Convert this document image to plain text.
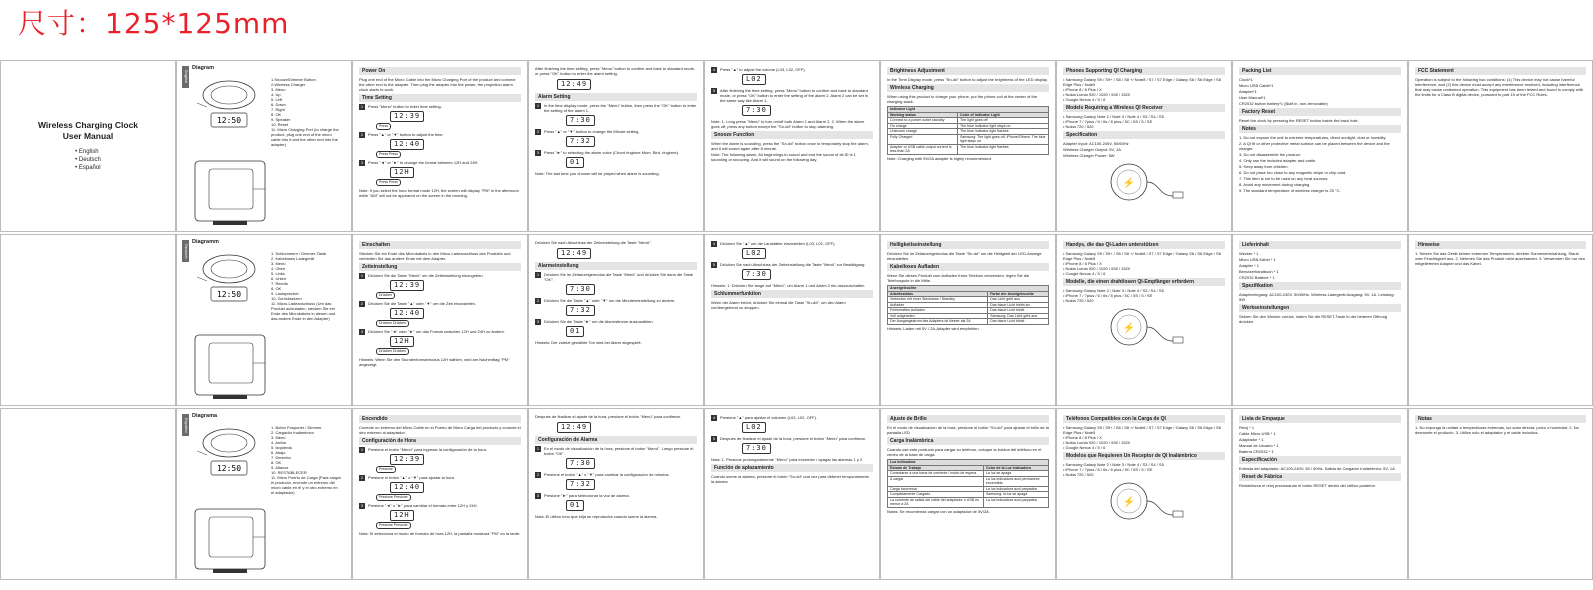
尺寸：125*125mm
Wireless Charging Clock
User Manual
• English
• Deutsch
• Español
English
Diagram
12:50
1.Snooze/Dimmer Button
2.Wireless Charger
3. Menu
4. Up
5. Left
6. Down
7. Right
8. OK
9. Speaker
10. Reset
11. Micro Charging Port (to charge the product, plug one end of the micro cable into it and the other end into the adapter)
Power On
Plug one end of the Micro Cable into the Micro Charging Port of the product and connect the other end to the adapter. Then plug the adapter into the power, the projection alarm clock starts to work.
Time Setting
1	Press "Menu" button to enter time setting.
12:39
Press
2	Press "▲" or "▼" button to adjust the time.
12:40
Press Press
3	Press "◄" or "►" to change the format between 12H and 24H.
12H
Press Press
Note: If you select the hour format mode 12H, the screen will display "PM" in the afternoon while "AM" will not be appeared on the screen in the morning.
After finishing the time setting, press "Menu" button to confirm and back to standard mode, or press "OK" button to enter the alarm setting.
12:49
Alarm Setting
1	In the time display mode, press the "Menu" button, then press the "OK" button to enter the setting of the alarm 1.
7:30
2	Press "▲" or "▼" button to change the Minute setting.
7:32
3	Press "►" to selecting the alarm voice (Chord ringtone Mum, Bird, ringtone).
01
Note: The last tone you choose will be played when alarm is sounding.
4	Press "▲" to adjust the volume (L03, L02, OFF).
L02
5	After finishing the time setting, press "Menu" button to confirm and back to standard mode, or press "OK" button to enter the setting of the alarm 2. Alarm 2 can be set in the same way like Alarm 1.
7:30
Note: 1. Long press "Menu" to turn on/off both Alarm 1 and Alarm 2. 2. When the alarm goes off, press any button except the "Sn-dd" button to stop alarming.
Snooze Function
When the alarm is sounding, press the "Sn-dd" button once to temporarily stop the alarm, and it will sound again after 8 minute.
Note: The following alarm. All beginnings to sound and end the sound of all ID is 1 sounding or snoozing. And it will sound on the following day.
Brightness Adjustment
In the Time Display mode, press "Sn-dd" button to adjust the brightness of the LED display.
Wireless Charging
When using this product to charge your phone, put the phone coil at the center of the charging stack.
Indicator Light	
Working status	Color of Indicator Light
Connect to a power outlet standby	The light goes off
On charge	The blue indicator light stays on
Unknown charge	The blue indicator light flashes
Fully Charged	Samsung: The light goes off. iPhone/Others: The blue light stays on
Adapter or USB cable output current is less than 2A	The blue indicator light flashes
Note: Charging with 5V/2A adapter is highly recommended.
Phones Supporting QI Charging
• Samsung Galaxy S9 / S9+ / S8 / S8 +/ Note8 / S7 / S7 Edge / Galaxy S6 / S6 Edge / S6 Edge Plus / Note5
• iPhone 8 / 8 Plus / X
• Nokia Lumia 920 / 1020 / 928 / 1520
• Google Nexus 4 / 5 / 6
Models Requiring a Wireless QI Receiver
• Samsung Galaxy Note 2 / Note 3 / Note 4 / S3 / S4 / S5
• iPhone 7 / 7plus / 6 / 6s / 6 plus / 5C / 5S / 5 / SE
• Nokia 720 / 520
Specification
Adapter Input: AC100-240V, 50/60Hz
Wireless Charger Output: 5V, 1A
Wireless Charger Power: 5W
⚡
Packing List
Clock*1
Micro USB Cable*1
Adapter*1
User Manual*1
CR2032 button battery*1 (Built in, non-removable)
Factory Reset
Reset the clock by pressing the RESET button inside the back hole.
Notes
1. Do not expose the unit to extreme temperatures, direct sunlight, dust or humidity.
2. A QI fit or other protective metal surface can be placed between the device and the charger.
3. Do not disassemble the product.
4. Only use the included adapter and cable.
5. Keep away from children.
6. Do not place too close to any magnetic stripe or chip card.
7. This item is not to be used on any heat sources.
8. Avoid any movement during charging.
9. The standard temperature of wireless charger is 25 °C.
FCC Statement
Operation is subject to the following two conditions: (1) This device may not cause harmful interference, and (2) this device must accept any interference received, including interference that may cause undesired operation. This equipment has been tested and found to comply with the limits for a Class B digital device, pursuant to part 15 of the FCC Rules.
Deutsch
Diagramm
12:50
1. Schlummern / Dimmer-Taste
2. Kabelloses Ladegerät
3. Menü
4. Oben
5. Links
6. Unten
7. Rechts
8. OK
9. Lautsprecher
10. Zurücksetzen
11. Micro-Ladeanschluss (Um das Produkt aufzuladen, stecken Sie ein Ende des Microkabels in diesen und das andere Ende in den Adapter)
Einschalten
Stecken Sie ein Ende des Microkabels in den Micro-Ladeanschluss des Produkts und verbinden Sie das andere Ende mit dem Adapter.
Zeiteinstellung
1	Drücken Sie die Taste "Menü" um die Zeiteinstellung einzugeben.
12:39
Drücken
2	Drücken Sie die Taste "▲" oder "▼" um die Zeit einzustellen.
12:40
Drücken Drücken
3	Drücken Sie "◄" oder "►" um das Format zwischen 12H und 24H zu ändern.
12H
Drücken Drücken
Hinweis: Wenn Sie den Stundenformatmodus 12H wählen, wird am Nachmittag "PM" angezeigt.
Drücken Sie nach Abschluss der Zeiteinstellung die Taste "Menü".
12:49
Alarmeinstellung
1	Drücken Sie im Zeitanzeigemodus die Taste "Menü" und drücken Sie dann die Taste "OK".
7:30
2	Drücken Sie die Taste "▲" oder "▼" um die Minuteneinstellung zu ändern.
7:32
3	Drücken Sie die Taste "►" um die Alarmstimme auszuwählen.
01
Hinweis: Der zuletzt gewählte Ton wird bei Alarm abgespielt.
4	Drücken Sie "▲" um die Lautstärke einzustellen (L03, L02, OFF).
L02
5	Drücken Sie nach Abschluss der Zeiteinstellung die Taste "Menü" zur Bestätigung.
7:30
Hinweis: 1. Drücken Sie lange auf "Menü", um Alarm 1 und Alarm 2 ein-/auszuschalten.
Schlummerfunktion
Wenn der Alarm ertönt, drücken Sie einmal die Taste "Sn-dd", um den Alarm vorübergehend zu stoppen.
Helligkeitseinstellung
Drücken Sie im Zeitanzeigemodus die Taste "Sn-dd" um die Helligkeit der LED-Anzeige einzustellen.
Kabelloses Aufladen
Wenn Sie dieses Produkt zum Aufladen Ihres Telefons verwenden, legen Sie die Telefonspule in die Mitte.
Anzeigeleuchte	
Arbeitsstatus	Farbe der Anzeigeleuchte
Verbinden mit einer Steckdose / Standby	Das Licht geht aus
Aufladen	Das blaue Licht bleibt an
Fehlerhaftes Aufladen	Das blaue Licht blinkt
Voll aufgeladen	Samsung: Das Licht geht aus
Der Ausgangsstrom des Adapters ist kleiner als 2A	Das blaue Licht blinkt
Hinweis: Laden mit 5V / 2A-Adapter wird empfohlen.
Handys, die das QI-Laden unterstützen
• Samsung Galaxy S9 / S9+ / S8 / S8 +/ Note8 / S7 / S7 Edge / Galaxy S6 / S6 Edge / S6 Edge Plus / Note5
• iPhone 8 / 8 Plus / X
• Nokia Lumia 920 / 1020 / 928 / 1520
• Google Nexus 4 / 5 / 6
Modelle, die einen drahtlosen QI-Empfänger erfordern
• Samsung Galaxy Note 2 / Note 3 / Note 4 / S3 / S4 / S5
• iPhone 7 / 7plus / 6 / 6s / 6 plus / 5C / 5S / 5 / SE
• Nokia 720 / 520
⚡
Lieferinhalt
Wecker * 1
Micro USB-Kabel * 1
Adapter * 1
Benutzerhandbuch * 1
CR2032 Batterie * 1
Spezifikation
Adaptereingang: AC100-240V, 50/60Hz. Wireless Ladegerät Ausgang: 5V, 1A. Leistung: 5W
Werkseinstellungen
Setzen Sie den Wecker zurück, indem Sie die RESET-Taste in der hinteren Öffnung drücken.
Hinweise
1. Setzen Sie das Gerät keinen extremen Temperaturen, direkter Sonneneinstrahlung, Staub oder Feuchtigkeit aus. 2. Nehmen Sie das Produkt nicht auseinander. 3. Verwenden Sie nur den mitgelieferten Adapter und das Kabel.
Español
Diagrama
12:50
1. Botón Posponer / Dimmer
2. Cargador Inalámbrico
3. Menú
4. Arriba
5. Izquierda
6. Abajo
7. Derecha
8. OK
9. Altavoz
10. RESTABLECER
11. Micro Puerto de Carga (Para cargar el producto, enchufe un extremo del micro cable en él y el otro extremo en el adaptador)
Encendido
Conecte un extremo del Micro Cable en el Puerto de Micro Carga del producto y conecte el otro extremo al adaptador.
Configuración de Hora
1	Presione el botón "Menú" para ingresar la configuración de la hora.
12:39
Presione
2	Presione el botón "▲" o "▼" para ajustar la hora.
12:40
Presione Presione
3	Presione "◄" o "►" para cambiar el formato entre 12H y 24H.
12H
Presione Presione
Nota: Si selecciona el modo de formato de hora 12H, la pantalla mostrará "PM" en la tarde.
Después de finalizar el ajuste de la hora, presione el botón "Menú" para confirmar.
12:49
Configuración de Alarma
1	En el modo de visualización de la hora, presione el botón "Menú". Luego presione el botón "OK".
7:30
2	Presione el botón "▲" o "▼" para cambiar la configuración de minutos.
7:32
3	Presione "►" para seleccionar la voz de alarma.
01
Nota: El último tono que elija se reproducirá cuando suene la alarma.
4	Presione "▲" para ajustar el volumen (L03, L02, OFF).
L02
5	Después de finalizar el ajuste de la hora, presione el botón "Menú" para confirmar.
7:30
Nota: 1. Presione prolongadamente "Menú" para encender / apagar las alarmas 1 y 2.
Función de aplazamiento
Cuando suene la alarma, presione el botón "Sn-dd" una vez para detener temporalmente la alarma.
Ajuste de Brillo
En el modo de visualización de la hora, presione el botón "Sn-dd" para ajustar el brillo de la pantalla LED.
Carga Inalámbrica
Cuando use este producto para cargar su teléfono, coloque la bobina del teléfono en el centro de la base de carga.
Luz Indicadora	
Estado de Trabajo	Color de la Luz Indicadora
Conectarse a una toma de corriente / modo de espera	La luz se apaga
A cargar	La luz indicadora azul permanece encendida
Carga incorrecta	La luz indicadora azul parpadea
Completamente Cargado	Samsung: la luz se apaga
La corriente de salida del cable del adaptador o USB es menor a 2A	La luz indicadora azul parpadea
Notas: Se recomienda cargar con un adaptador de 5V/2A.
Teléfonos Compatibles con la Carga de QI
• Samsung Galaxy S9 / S9+ / S8 / S8 +/ Note8 / S7 / S7 Edge / Galaxy S6 / S6 Edge / S6 Edge Plus / Note5
• iPhone 8 / 8 Plus / X
• Nokia Lumia 920 / 1020 / 928 / 1520
• Google Nexus 4 / 5 / 6
Modelos que Requieren Un Receptor de QI Inalámbrico
• Samsung Galaxy Note 2 / Note 3 / Note 4 / S3 / S4 / S5
• iPhone 7 / 7plus / 6 / 6s / 6 plus / 5C / 5S / 5 / SE
• Nokia 720 / 520
⚡
Lista de Empaque
Reloj * 1
Cable Micro USB * 1
Adaptador * 1
Manual de Usuario * 1
Batería CR2032 * 1
Especificación
Entrada del adaptador: AC100-240V, 50 / 60Hz. Salida de Cargador Inalámbrico: 5V, 1A.
Reset de Fábrica
Restablezca el reloj presionando el botón RESET dentro del orificio posterior.
Notas
1. No exponga la unidad a temperaturas extremas, luz solar directa, polvo o humedad. 2. No desmonte el producto. 3. Utilice solo el adaptador y el cable incluidos.
